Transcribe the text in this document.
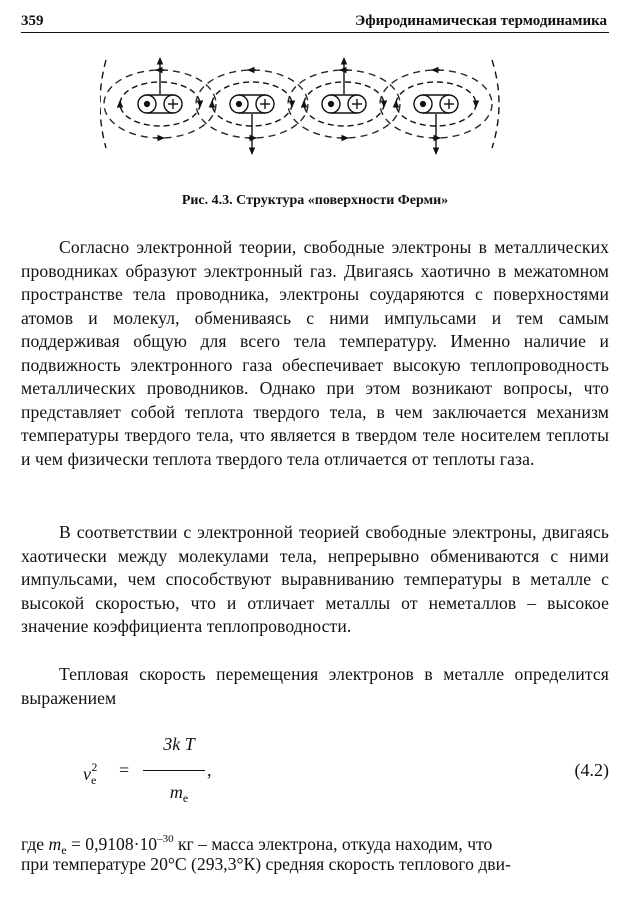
359	Эфиродинамическая термодинамика
Рис. 4.3. Структура «поверхности Ферми»

Согласно электронной теории, свободные электроны в металлических проводниках образуют электронный газ. Двигаясь хаотично в межатомном пространстве тела проводника, электроны соударяются с поверхностями атомов и молекул, обмениваясь с ними импульсами и тем самым поддерживая общую для всего тела температуру. Именно наличие и подвижность электронного газа обеспечивает высокую теплопроводность металлических проводников. Однако при этом возникают вопросы, что представляет собой теплота твердого тела, в чем заключается механизм температуры твердого тела, что является в твердом теле носителем теплоты и чем физически теплота твердого тела отличается от теплоты газа.

В соответствии с электронной теорией свободные электроны, двигаясь хаотически между молекулами тела, непрерывно обмениваются с ними импульсами, чем способствуют выравниванию температуры в металле с высокой скоростью, что и отличает металлы от неметаллов – высокое значение коэффициента теплопроводности.

Тепловая скорость перемещения электронов в металле определится выражением

$v_e^2$ =
3k T
,
$m_e$
(4.2)
где $m_e = 0,9108\cdot 10^{-30}$ кг – масса электрона, откуда находим, что
при температуре 20°С (293,3°К) средняя скорость теплового дви-
